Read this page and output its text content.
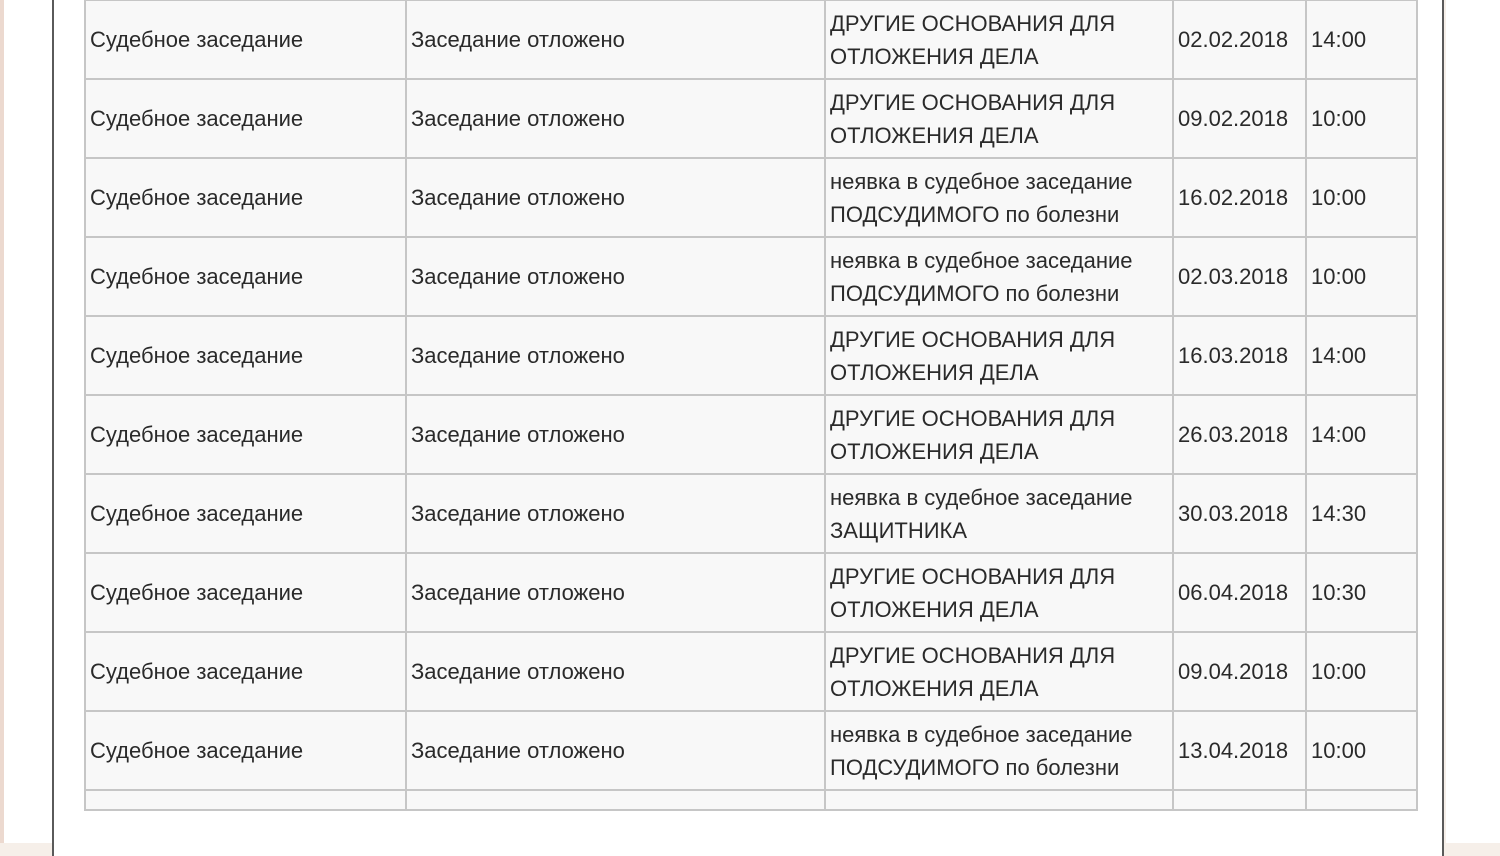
Судебное заседание	Заседание отложено	ДРУГИЕ ОСНОВАНИЯ ДЛЯ ОТЛОЖЕНИЯ ДЕЛА	02.02.2018	14:00
Судебное заседание	Заседание отложено	ДРУГИЕ ОСНОВАНИЯ ДЛЯ ОТЛОЖЕНИЯ ДЕЛА	09.02.2018	10:00
Судебное заседание	Заседание отложено	неявка в судебное заседание ПОДСУДИМОГО по болезни	16.02.2018	10:00
Судебное заседание	Заседание отложено	неявка в судебное заседание ПОДСУДИМОГО по болезни	02.03.2018	10:00
Судебное заседание	Заседание отложено	ДРУГИЕ ОСНОВАНИЯ ДЛЯ ОТЛОЖЕНИЯ ДЕЛА	16.03.2018	14:00
Судебное заседание	Заседание отложено	ДРУГИЕ ОСНОВАНИЯ ДЛЯ ОТЛОЖЕНИЯ ДЕЛА	26.03.2018	14:00
Судебное заседание	Заседание отложено	неявка в судебное заседание ЗАЩИТНИКА	30.03.2018	14:30
Судебное заседание	Заседание отложено	ДРУГИЕ ОСНОВАНИЯ ДЛЯ ОТЛОЖЕНИЯ ДЕЛА	06.04.2018	10:30
Судебное заседание	Заседание отложено	ДРУГИЕ ОСНОВАНИЯ ДЛЯ ОТЛОЖЕНИЯ ДЕЛА	09.04.2018	10:00
Судебное заседание	Заседание отложено	неявка в судебное заседание ПОДСУДИМОГО по болезни	13.04.2018	10:00
